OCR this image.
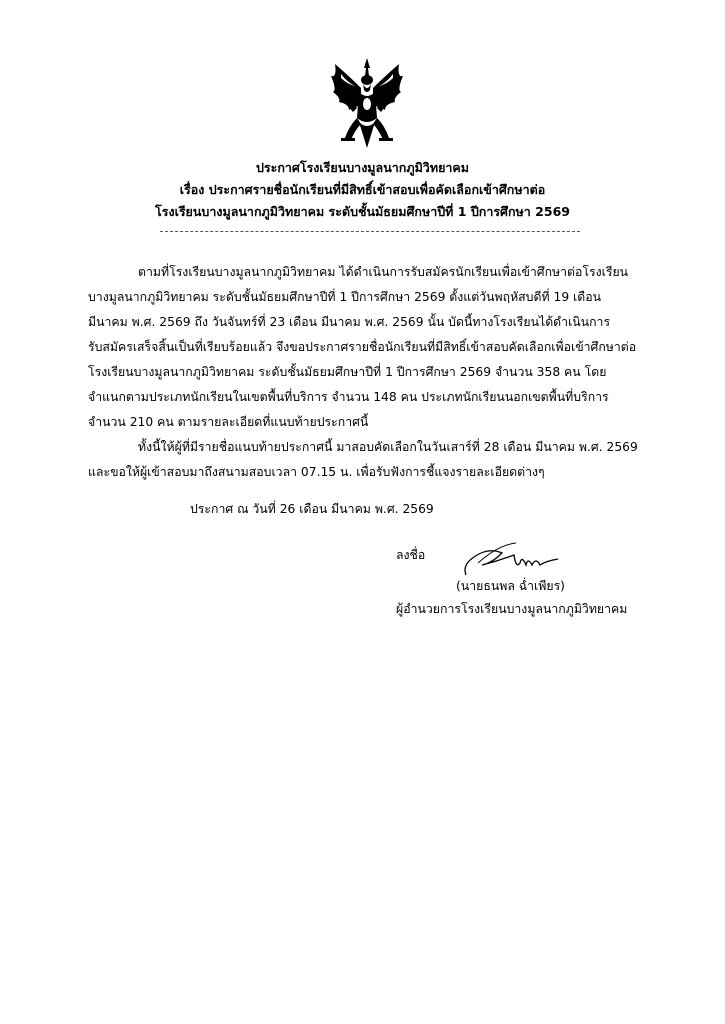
ประกาศโรงเรียนบางมูลนากภูมิวิทยาคม
เรื่อง ประกาศรายชื่อนักเรียนที่มีสิทธิ์เข้าสอบเพื่อคัดเลือกเข้าศึกษาต่อ
โรงเรียนบางมูลนากภูมิวิทยาคม ระดับชั้นมัธยมศึกษาปีที่ 1 ปีการศึกษา 2569
ตามที่โรงเรียนบางมูลนากภูมิวิทยาคม ได้ดำเนินการรับสมัครนักเรียนเพื่อเข้าศึกษาต่อโรงเรียน
บางมูลนากภูมิวิทยาคม ระดับชั้นมัธยมศึกษาปีที่ 1 ปีการศึกษา 2569 ตั้งแต่วันพฤหัสบดีที่ 19 เดือน
มีนาคม พ.ศ. 2569 ถึง วันจันทร์ที่ 23 เดือน มีนาคม พ.ศ. 2569 นั้น บัดนี้ทางโรงเรียนได้ดำเนินการ
รับสมัครเสร็จสิ้นเป็นที่เรียบร้อยแล้ว จึงขอประกาศรายชื่อนักเรียนที่มีสิทธิ์เข้าสอบคัดเลือกเพื่อเข้าศึกษาต่อ
โรงเรียนบางมูลนากภูมิวิทยาคม ระดับชั้นมัธยมศึกษาปีที่ 1 ปีการศึกษา 2569 จำนวน 358 คน โดย
จำแนกตามประเภทนักเรียนในเขตพื้นที่บริการ จำนวน 148 คน ประเภทนักเรียนนอกเขตพื้นที่บริการ
จำนวน 210 คน ตามรายละเอียดที่แนบท้ายประกาศนี้
ทั้งนี้ให้ผู้ที่มีรายชื่อแนบท้ายประกาศนี้ มาสอบคัดเลือกในวันเสาร์ที่ 28 เดือน มีนาคม พ.ศ. 2569
และขอให้ผู้เข้าสอบมาถึงสนามสอบเวลา 07.15 น. เพื่อรับฟังการชี้แจงรายละเอียดต่างๆ
ประกาศ ณ วันที่ 26 เดือน มีนาคม พ.ศ. 2569
ลงชื่อ
(นายธนพล ฉ่ำเพียร)
ผู้อำนวยการโรงเรียนบางมูลนากภูมิวิทยาคม
